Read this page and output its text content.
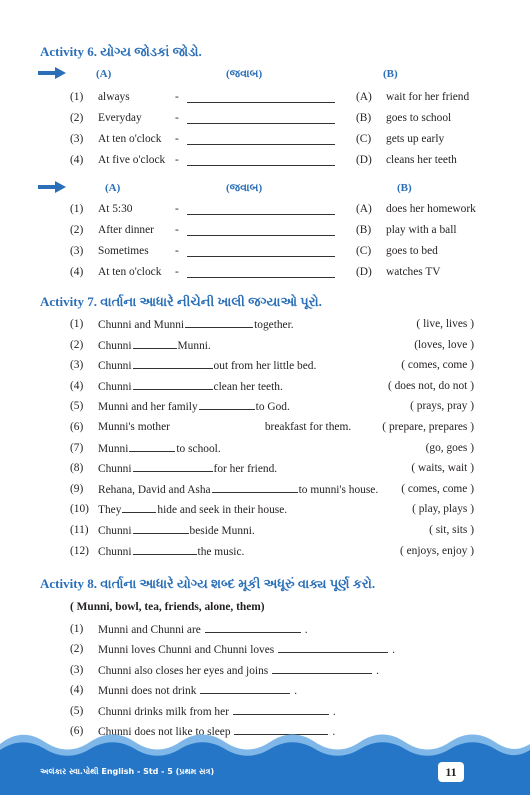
Activity 6. યોગ્ય જોડકાં જોડો.
(A)	(જવાબ)	(B)
(1) always	-	(A) wait for her friend
(2) Everyday	-	(B) goes to school
(3) At ten o'clock -	(C) gets up early
(4) At five o'clock -	(D) cleans her teeth
(A)	(જવાબ)	(B)
(1) At 5:30	-	(A) does her homework
(2) After dinner -	(B) play with a ball
(3) Sometimes -	(C) goes to bed
(4) At ten o'clock -	(D) watches TV
Activity 7. વાર્તાના આધારે નીચેની ખાલી જગ્યાઓ પૂરો.
(1) Chunni and Munni	together.	( live, lives )
(2) Chunni	Munni.	(loves, love )
(3) Chunni	out from her little bed.	( comes, come )
(4) Chunni	clean her teeth.	( does not, do not )
(5) Munni and her family	to God.	( prays, pray )
(6) Munni's mother	breakfast for them.	( prepare, prepares )
(7) Munni	to school.	(go, goes )
(8) Chunni	for her friend.	( waits, wait )
(9) Rehana, David and Asha	to munni's house. ( comes, come )
(10) They	hide and seek in their house.	( play, plays )
(11) Chunni	beside Munni.	( sit, sits )
(12) Chunni	the music.	( enjoys, enjoy )
Activity 8. વાર્તાના આધારે યોગ્ય શબ્દ મૂકી અધૂરું વાક્ય પૂર્ણ કરો.
( Munni, bowl, tea, friends, alone, them)
(1) Munni and Chunni are	.
(2) Munni loves Chunni and Chunni loves	.
(3) Chunni also closes her eyes and joins	.
(4) Munni does not drink	.
(5) Chunni drinks milk from her	.
(6) Chunni does not like to sleep	.
અલંકાર સ્વા.પોથી English - Std - 5 (પ્રથમ સત્ર)	11
